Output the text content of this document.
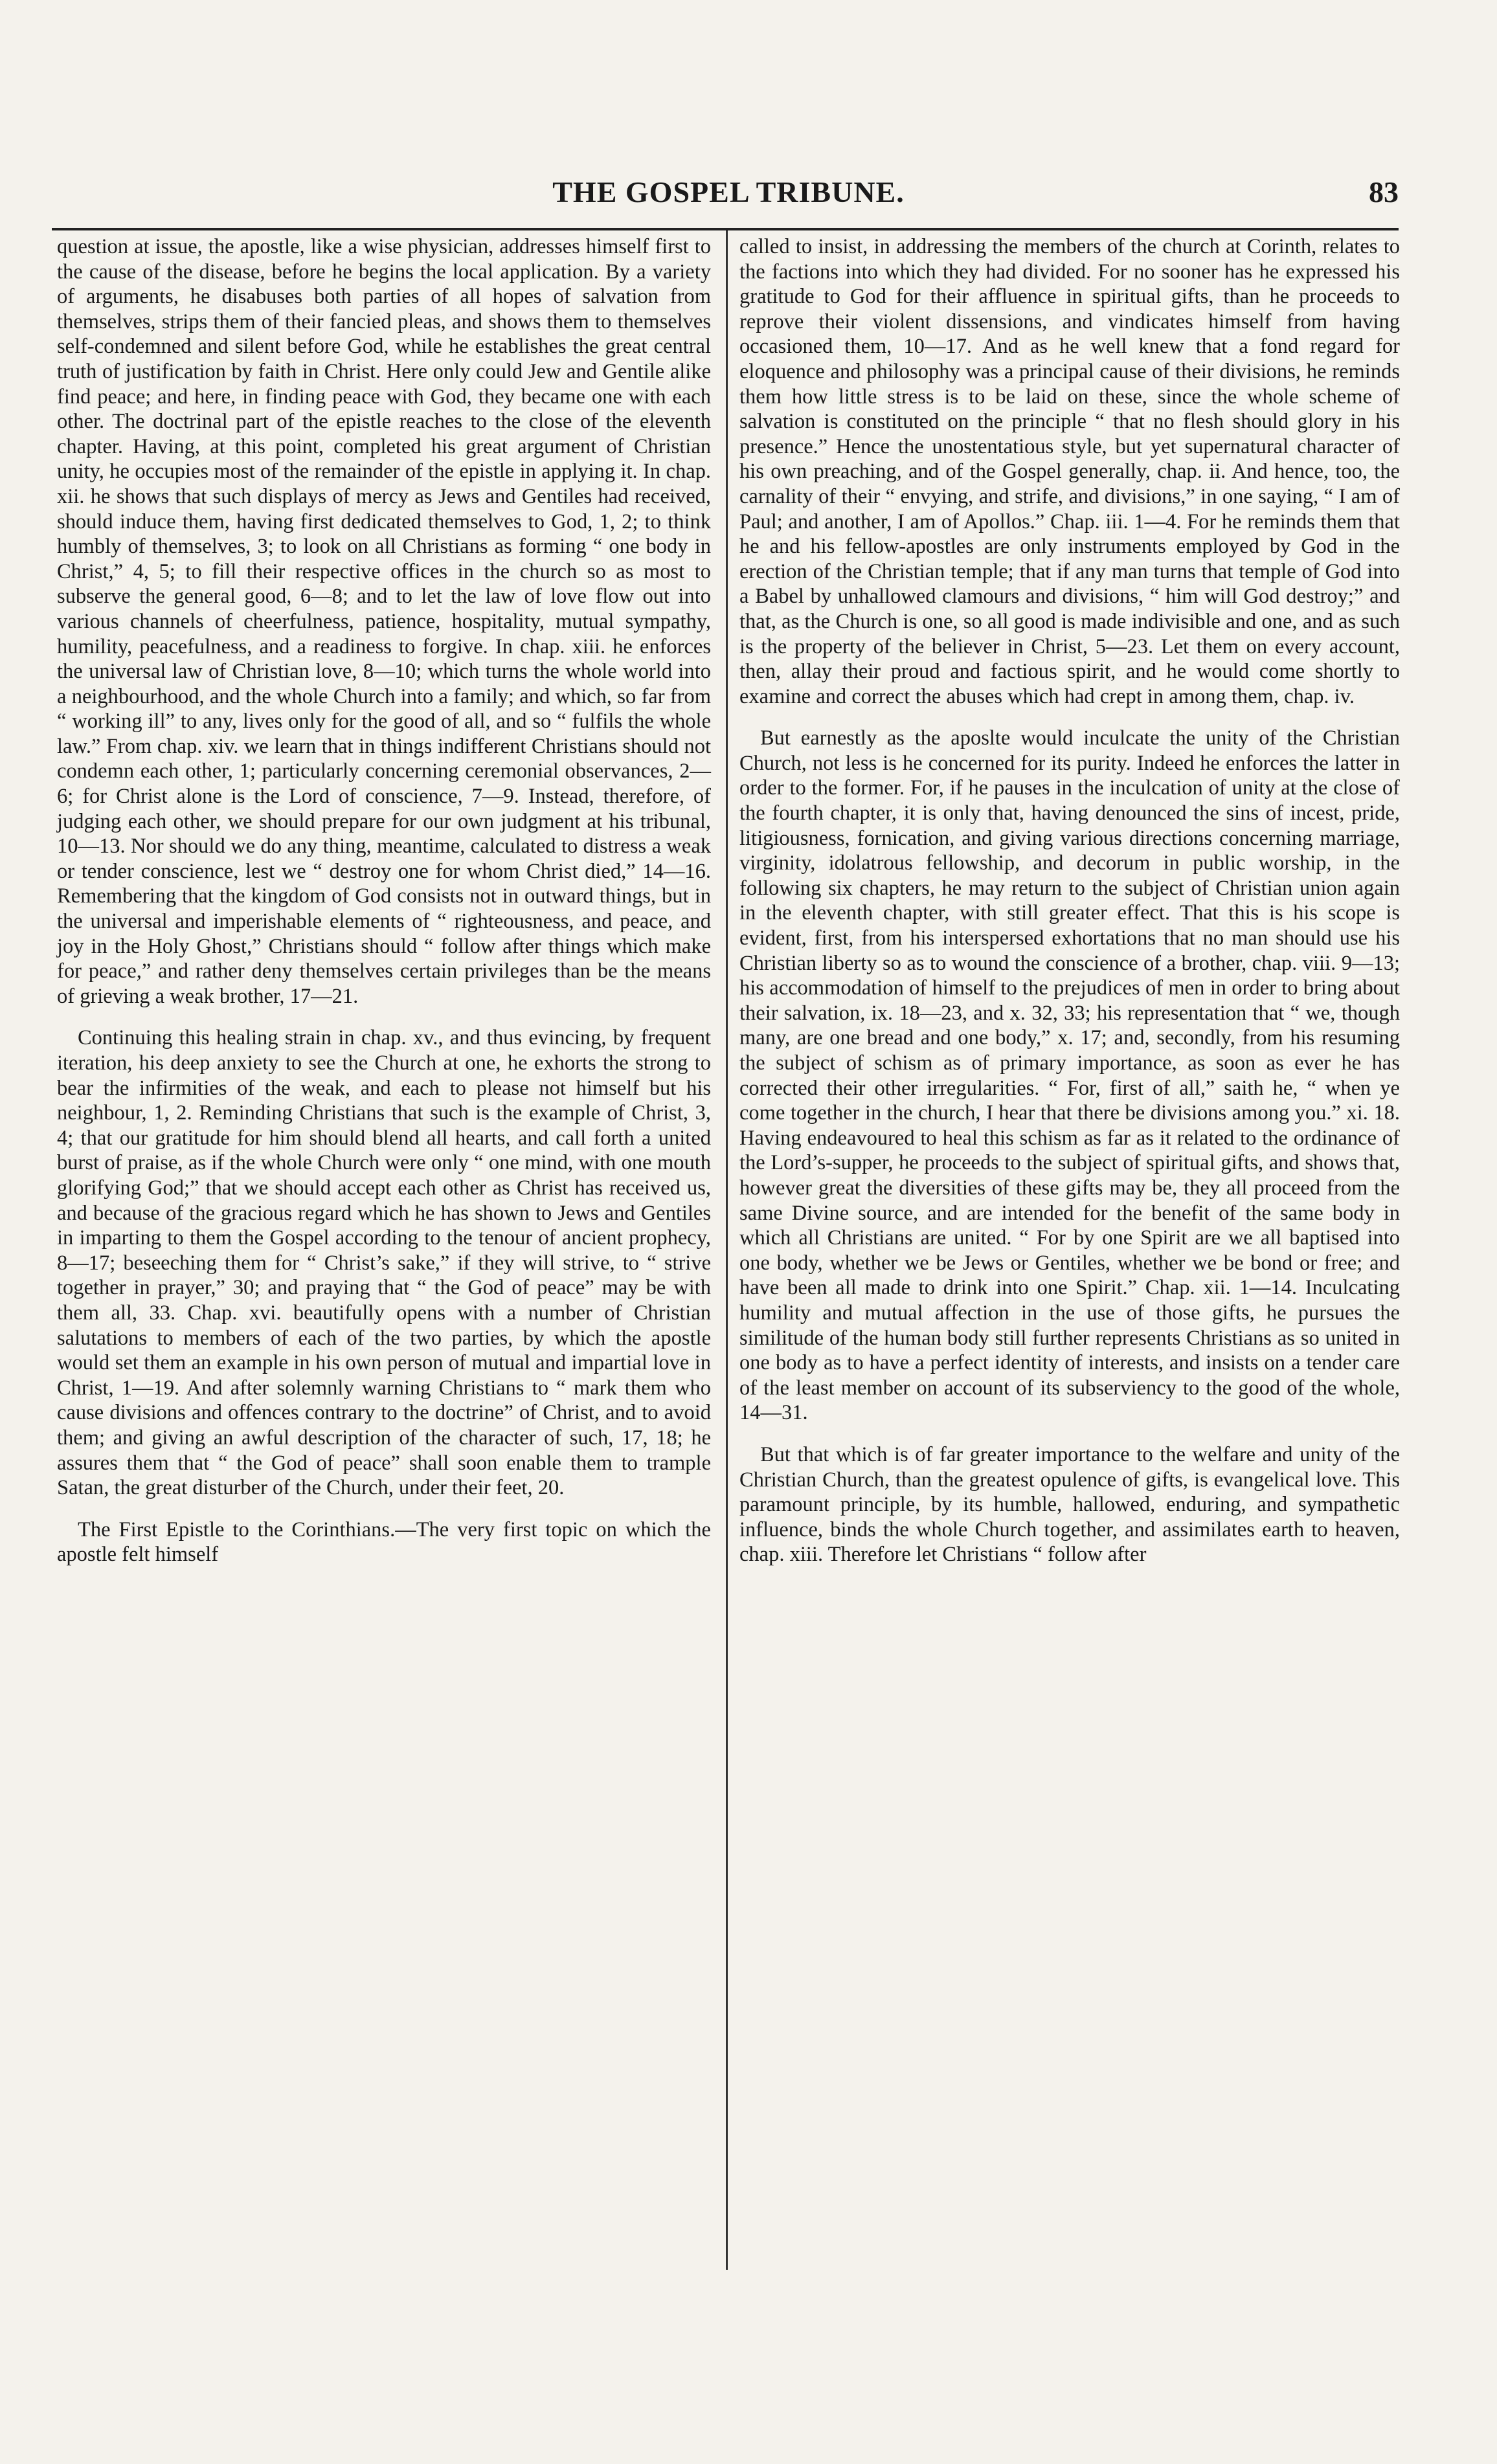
THE GOSPEL TRIBUNE.	83

question at issue, the apostle, like a wise physician, addresses himself first to the cause of the disease, before he begins the local application. By a variety of arguments, he disabuses both parties of all hopes of salvation from themselves, strips them of their fancied pleas, and shows them to themselves self-condemned and silent before God, while he establishes the great central truth of justification by faith in Christ. Here only could Jew and Gentile alike find peace; and here, in finding peace with God, they became one with each other. The doctrinal part of the epistle reaches to the close of the eleventh chapter. Having, at this point, completed his great argument of Christian unity, he occupies most of the remainder of the epistle in applying it. In chap. xii. he shows that such displays of mercy as Jews and Gentiles had received, should induce them, having first dedicated themselves to God, 1, 2; to think humbly of themselves, 3; to look on all Christians as forming “ one body in Christ,” 4, 5; to fill their respective offices in the church so as most to subserve the general good, 6—8; and to let the law of love flow out into various channels of cheerfulness, patience, hospitality, mutual sympathy, humility, peacefulness, and a readiness to forgive. In chap. xiii. he enforces the universal law of Christian love, 8—10; which turns the whole world into a neighbourhood, and the whole Church into a family; and which, so far from “ working ill” to any, lives only for the good of all, and so “ fulfils the whole law.” From chap. xiv. we learn that in things indifferent Christians should not condemn each other, 1; particularly concerning ceremonial observances, 2—6; for Christ alone is the Lord of conscience, 7—9. Instead, therefore, of judging each other, we should prepare for our own judgment at his tribunal, 10—13. Nor should we do any thing, meantime, calculated to distress a weak or tender conscience, lest we “ destroy one for whom Christ died,” 14—16. Remembering that the kingdom of God consists not in outward things, but in the universal and imperishable elements of “ righteousness, and peace, and joy in the Holy Ghost,” Christians should “ follow after things which make for peace,” and rather deny themselves certain privileges than be the means of grieving a weak brother, 17—21.

Continuing this healing strain in chap. xv., and thus evincing, by frequent iteration, his deep anxiety to see the Church at one, he exhorts the strong to bear the infirmities of the weak, and each to please not himself but his neighbour, 1, 2. Reminding Christians that such is the example of Christ, 3, 4; that our gratitude for him should blend all hearts, and call forth a united burst of praise, as if the whole Church were only “ one mind, with one mouth glorifying God;” that we should accept each other as Christ has received us, and because of the gracious regard which he has shown to Jews and Gentiles in imparting to them the Gospel according to the tenour of ancient prophecy, 8—17; beseeching them for “ Christ’s sake,” if they will strive, to “ strive together in prayer,” 30; and praying that “ the God of peace” may be with them all, 33. Chap. xvi. beautifully opens with a number of Christian salutations to members of each of the two parties, by which the apostle would set them an example in his own person of mutual and impartial love in Christ, 1—19. And after solemnly warning Christians to “ mark them who cause divisions and offences contrary to the doctrine” of Christ, and to avoid them; and giving an awful description of the character of such, 17, 18; he assures them that “ the God of peace” shall soon enable them to trample Satan, the great disturber of the Church, under their feet, 20.

The First Epistle to the Corinthians.—The very first topic on which the apostle felt himself

called to insist, in addressing the members of the church at Corinth, relates to the factions into which they had divided. For no sooner has he expressed his gratitude to God for their affluence in spiritual gifts, than he proceeds to reprove their violent dissensions, and vindicates himself from having occasioned them, 10—17. And as he well knew that a fond regard for eloquence and philosophy was a principal cause of their divisions, he reminds them how little stress is to be laid on these, since the whole scheme of salvation is constituted on the principle “ that no flesh should glory in his presence.” Hence the unostentatious style, but yet supernatural character of his own preaching, and of the Gospel generally, chap. ii. And hence, too, the carnality of their “ envying, and strife, and divisions,” in one saying, “ I am of Paul; and another, I am of Apollos.” Chap. iii. 1—4. For he reminds them that he and his fellow-apostles are only instruments employed by God in the erection of the Christian temple; that if any man turns that temple of God into a Babel by unhallowed clamours and divisions, “ him will God destroy;” and that, as the Church is one, so all good is made indivisible and one, and as such is the property of the believer in Christ, 5—23. Let them on every account, then, allay their proud and factious spirit, and he would come shortly to examine and correct the abuses which had crept in among them, chap. iv.

But earnestly as the aposlte would inculcate the unity of the Christian Church, not less is he concerned for its purity. Indeed he enforces the latter in order to the former. For, if he pauses in the inculcation of unity at the close of the fourth chapter, it is only that, having denounced the sins of incest, pride, litigiousness, fornication, and giving various directions concerning marriage, virginity, idolatrous fellowship, and decorum in public worship, in the following six chapters, he may return to the subject of Christian union again in the eleventh chapter, with still greater effect. That this is his scope is evident, first, from his interspersed exhortations that no man should use his Christian liberty so as to wound the conscience of a brother, chap. viii. 9—13; his accommodation of himself to the prejudices of men in order to bring about their salvation, ix. 18—23, and x. 32, 33; his representation that “ we, though many, are one bread and one body,” x. 17; and, secondly, from his resuming the subject of schism as of primary importance, as soon as ever he has corrected their other irregularities. “ For, first of all,” saith he, “ when ye come together in the church, I hear that there be divisions among you.” xi. 18. Having endeavoured to heal this schism as far as it related to the ordinance of the Lord’s-supper, he proceeds to the subject of spiritual gifts, and shows that, however great the diversities of these gifts may be, they all proceed from the same Divine source, and are intended for the benefit of the same body in which all Christians are united. “ For by one Spirit are we all baptised into one body, whether we be Jews or Gentiles, whether we be bond or free; and have been all made to drink into one Spirit.” Chap. xii. 1—14. Inculcating humility and mutual affection in the use of those gifts, he pursues the similitude of the human body still further represents Christians as so united in one body as to have a perfect identity of interests, and insists on a tender care of the least member on account of its subserviency to the good of the whole, 14—31.

But that which is of far greater importance to the welfare and unity of the Christian Church, than the greatest opulence of gifts, is evangelical love. This paramount principle, by its humble, hallowed, enduring, and sympathetic influence, binds the whole Church together, and assimilates earth to heaven, chap. xiii. Therefore let Christians “ follow after
